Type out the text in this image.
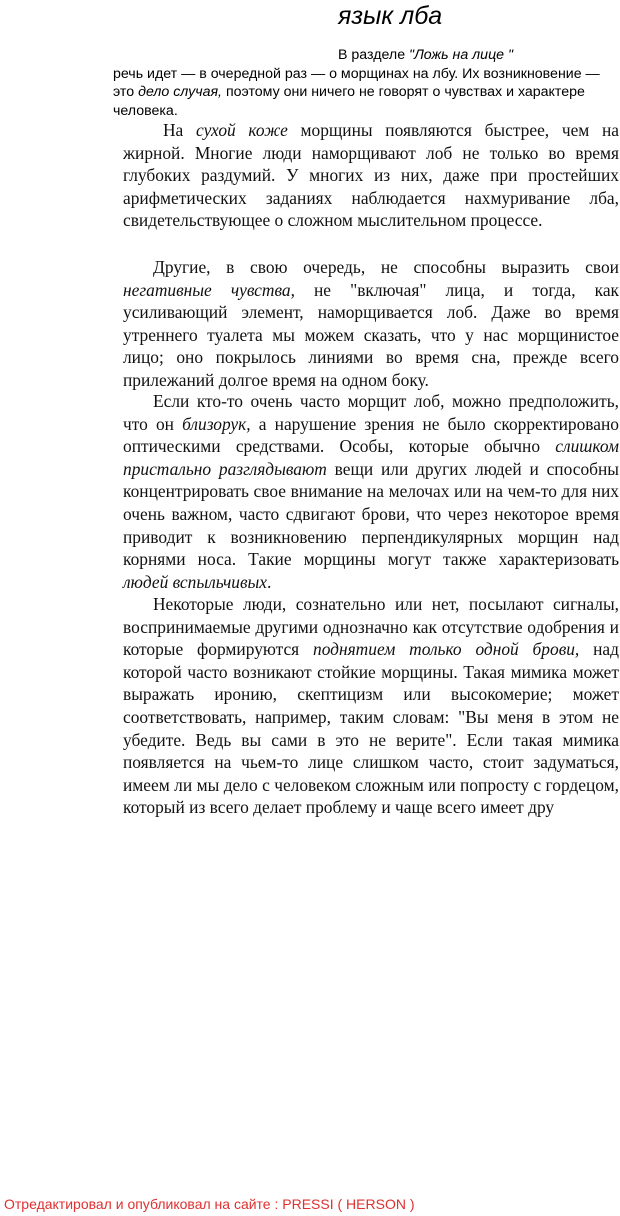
язык лба
В разделе "Ложь на лице "
речь идет — в очередной раз — о морщинах на лбу. Их возникновение — это дело случая, поэтому они ничего не говорят о чувствах и характере человека.

На сухой коже морщины появляются быстрее, чем на жирной. Многие люди наморщивают лоб не только во время глубоких раздумий. У многих из них, даже при простейших арифметических заданиях наблюдается нахмуривание лба, свидетельствующее о сложном мыслительном процессе.

Другие, в свою очередь, не способны выразить свои негативные чувства, не "включая" лица, и тогда, как усиливающий элемент, наморщивается лоб. Даже во время утреннего туалета мы можем сказать, что у нас морщинистое лицо; оно покрылось линиями во время сна, прежде всего прилежаний долгое время на одном боку.

Если кто-то очень часто морщит лоб, можно предположить, что он близорук, а нарушение зрения не было скорректировано оптическими средствами. Особы, которые обычно слишком пристально разглядывают вещи или других людей и способны концентрировать свое внимание на мелочах или на чем-то для них очень важном, часто сдвигают брови, что через некоторое время приводит к возникновению перпендикулярных морщин над корнями носа. Такие морщины могут также характеризовать людей вспыльчивых.

Некоторые люди, сознательно или нет, посылают сигналы, воспринимаемые другими однозначно как отсутствие одобрения и которые формируются поднятием только одной брови, над которой часто возникают стойкие морщины. Такая мимика может выражать иронию, скептицизм или высокомерие; может соответствовать, например, таким словам: "Вы меня в этом не убедите. Ведь вы сами в это не верите". Если такая мимика появляется на чьем-то лице слишком часто, стоит задуматься, имеем ли мы дело с человеком сложным или попросту с гордецом, который из всего делает проблему и чаще всего имеет дру

Отредактировал и опубликовал на сайте : PRESSI ( HERSON )
